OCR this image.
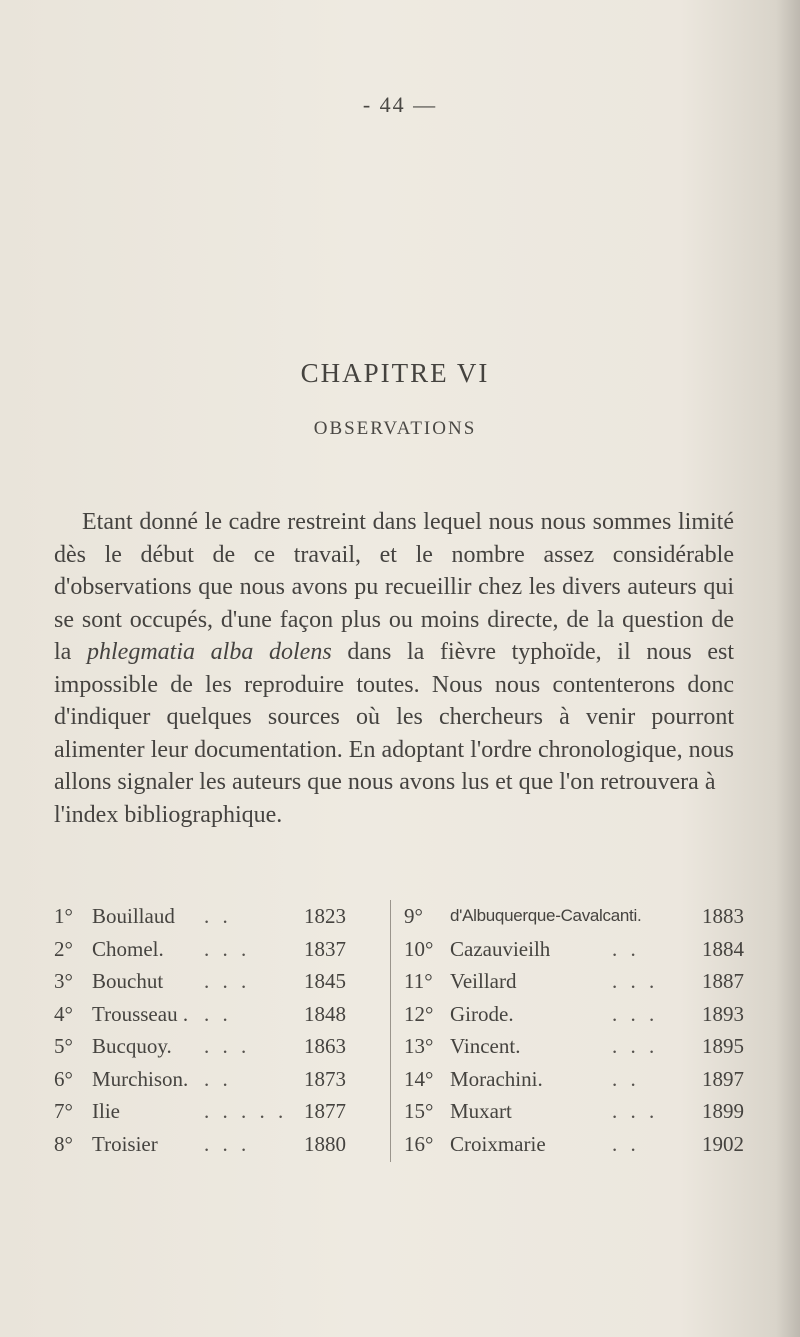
- 44 —
CHAPITRE VI
OBSERVATIONS

Etant donné le cadre restreint dans lequel nous nous sommes limité dès le début de ce travail, et le nombre assez considérable d'observations que nous avons pu recueillir chez les divers auteurs qui se sont occupés, d'une façon plus ou moins directe, de la question de la phlegmatia alba dolens dans la fièvre typhoïde, il nous est impossible de les reproduire toutes. Nous nous contenterons donc d'indiquer quelques sources où les chercheurs à venir pourront alimenter leur documentation. En adoptant l'ordre chronologique, nous allons signaler les auteurs que nous avons lus et que l'on retrouvera à

l'index bibliographique.

1° Bouillaud . .	1823
2° Chomel. . . .	1837
3° Bouchut . . .	1845
4° Trousseau . . .	1848
5° Bucquoy. . . .	1863
6° Murchison. . .	1873
7° Ilie	. . . . . 1877
8° Troisier . . .	1880
9°	d'Albuquerque-Cavalcanti.	1883
10° Cazauvieilh	. .	1884
11° Veillard	. . . 1887
12° Girode.	. . . 1893
13° Vincent.	. . . 1895
14° Morachini.	. .	1897
15° Muxart	. . . 1899
16° Croixmarie	. .	1902
